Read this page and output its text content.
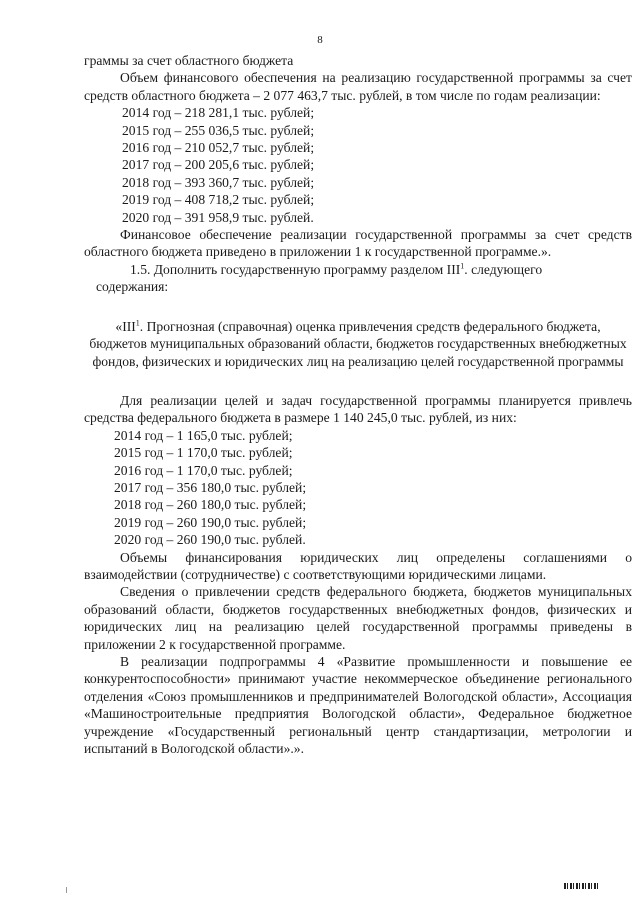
8

граммы за счет областного бюджета

Объем финансового обеспечения на реализацию государственной программы за счет средств областного бюджета – 2 077 463,7 тыс. рублей, в том числе по годам реализации:

2014 год – 218 281,1 тыс. рублей;

2015 год – 255 036,5 тыс. рублей;

2016 год – 210 052,7 тыс. рублей;

2017 год – 200 205,6 тыс. рублей;

2018 год – 393 360,7 тыс. рублей;

2019 год – 408 718,2 тыс. рублей;

2020 год – 391 958,9 тыс. рублей.

Финансовое обеспечение реализации государственной программы за счет средств областного бюджета приведено в приложении 1 к государственной программе.».

1.5. Дополнить государственную программу разделом III$^1$. следующего

содержания:

«III$^1$. Прогнозная (справочная) оценка привлечения средств федерального бюджета, бюджетов муниципальных образований области, бюджетов государственных внебюджетных фондов, физических и юридических лиц на реализацию целей государственной программы

Для реализации целей и задач государственной программы планируется привлечь средства федерального бюджета в размере 1 140 245,0 тыс. рублей, из них:

2014 год – 1 165,0 тыс. рублей;

2015 год – 1 170,0 тыс. рублей;

2016 год – 1 170,0 тыс. рублей;

2017 год – 356 180,0 тыс. рублей;

2018 год – 260 180,0 тыс. рублей;

2019 год – 260 190,0 тыс. рублей;

2020 год – 260 190,0 тыс. рублей.

Объемы финансирования юридических лиц определены соглашениями о взаимодействии (сотрудничестве) с соответствующими юридическими лицами.

Сведения о привлечении средств федерального бюджета, бюджетов муниципальных образований области, бюджетов государственных внебюджетных фондов, физических и юридических лиц на реализацию целей государственной программы приведены в приложении 2 к государственной программе.

В реализации подпрограммы 4 «Развитие промышленности и повышение ее конкурентоспособности» принимают участие некоммерческое объединение регионального отделения «Союз промышленников и предпринимателей Вологодской области», Ассоциация «Машиностроительные предприятия Вологодской области», Федеральное бюджетное учреждение «Государственный региональный центр стандартизации, метрологии и испытаний в Вологодской области».».
